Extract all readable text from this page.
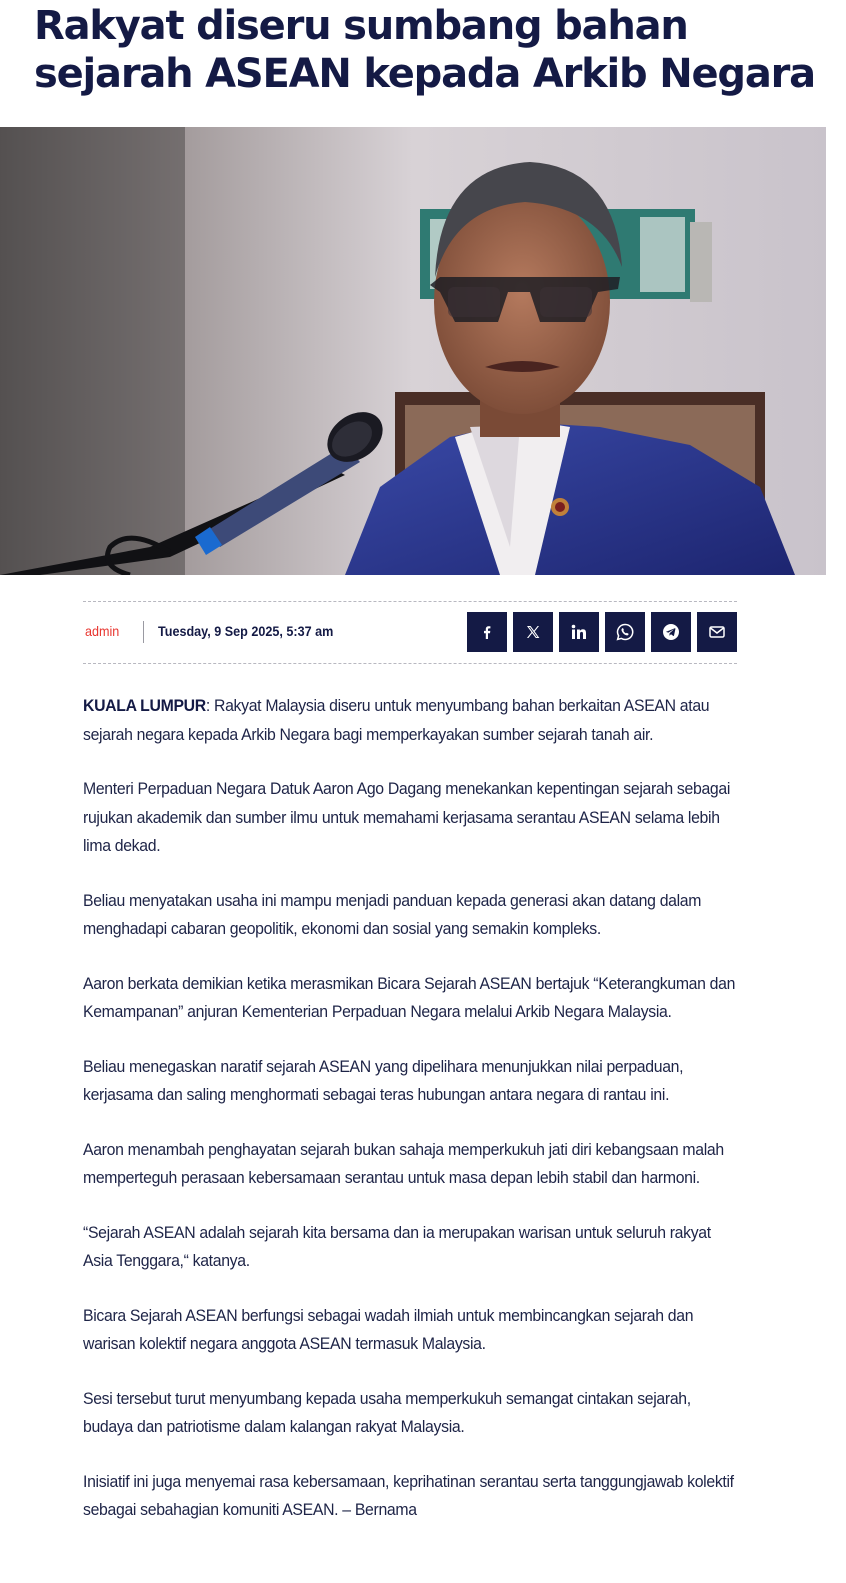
Rakyat diseru sumbang bahan sejarah ASEAN kepada Arkib Negara
admin	Tuesday, 9 Sep 2025, 5:37 am

KUALA LUMPUR: Rakyat Malaysia diseru untuk menyumbang bahan berkaitan ASEAN atau sejarah negara kepada Arkib Negara bagi memperkayakan sumber sejarah tanah air.

Menteri Perpaduan Negara Datuk Aaron Ago Dagang menekankan kepentingan sejarah sebagai rujukan akademik dan sumber ilmu untuk memahami kerjasama serantau ASEAN selama lebih lima dekad.

Beliau menyatakan usaha ini mampu menjadi panduan kepada generasi akan datang dalam menghadapi cabaran geopolitik, ekonomi dan sosial yang semakin kompleks.

Aaron berkata demikian ketika merasmikan Bicara Sejarah ASEAN bertajuk “Keterangkuman dan Kemampanan” anjuran Kementerian Perpaduan Negara melalui Arkib Negara Malaysia.

Beliau menegaskan naratif sejarah ASEAN yang dipelihara menunjukkan nilai perpaduan, kerjasama dan saling menghormati sebagai teras hubungan antara negara di rantau ini.

Aaron menambah penghayatan sejarah bukan sahaja memperkukuh jati diri kebangsaan malah memperteguh perasaan kebersamaan serantau untuk masa depan lebih stabil dan harmoni.

“Sejarah ASEAN adalah sejarah kita bersama dan ia merupakan warisan untuk seluruh rakyat Asia Tenggara,“ katanya.

Bicara Sejarah ASEAN berfungsi sebagai wadah ilmiah untuk membincangkan sejarah dan warisan kolektif negara anggota ASEAN termasuk Malaysia.

Sesi tersebut turut menyumbang kepada usaha memperkukuh semangat cintakan sejarah, budaya dan patriotisme dalam kalangan rakyat Malaysia.

Inisiatif ini juga menyemai rasa kebersamaan, keprihatinan serantau serta tanggungjawab kolektif sebagai sebahagian komuniti ASEAN. – Bernama
